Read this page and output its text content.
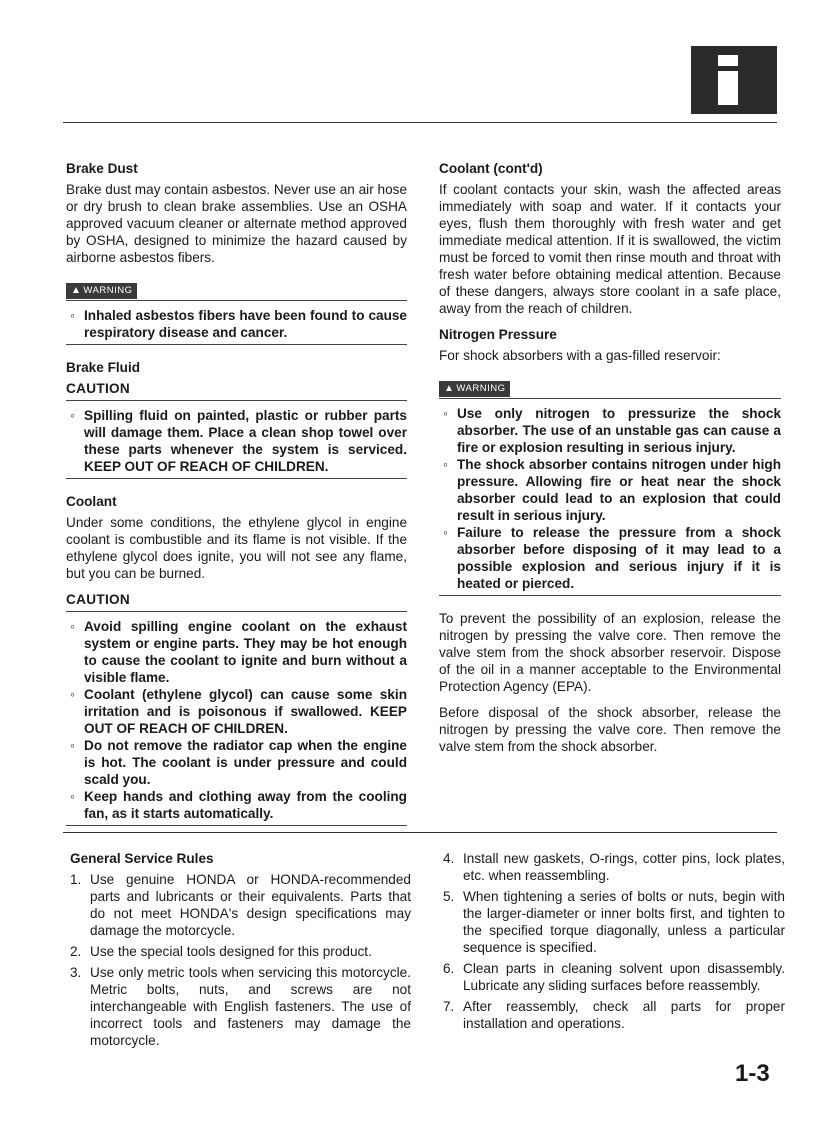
Brake Dust

Brake dust may contain asbestos. Never use an air hose or dry brush to clean brake assemblies. Use an OSHA approved vacuum cleaner or alternate method approved by OSHA, designed to minimize the hazard caused by airborne asbestos fibers.

▲ WARNING
◦ Inhaled asbestos fibers have been found to cause respiratory disease and cancer.
Brake Fluid
CAUTION
◦ Spilling fluid on painted, plastic or rubber parts will damage them. Place a clean shop towel over these parts whenever the system is serviced. KEEP OUT OF REACH OF CHILDREN.
Coolant

Under some conditions, the ethylene glycol in engine coolant is combustible and its flame is not visible. If the ethylene glycol does ignite, you will not see any flame, but you can be burned.

CAUTION
◦ Avoid spilling engine coolant on the exhaust system or engine parts. They may be hot enough to cause the coolant to ignite and burn without a visible flame.
◦ Coolant (ethylene glycol) can cause some skin irritation and is poisonous if swallowed. KEEP OUT OF REACH OF CHILDREN.
◦ Do not remove the radiator cap when the engine is hot. The coolant is under pressure and could scald you.
◦ Keep hands and clothing away from the cooling fan, as it starts automatically.
Coolant (cont'd)

If coolant contacts your skin, wash the affected areas immediately with soap and water. If it contacts your eyes, flush them thoroughly with fresh water and get immediate medical attention. If it is swallowed, the victim must be forced to vomit then rinse mouth and throat with fresh water before obtaining medical attention. Because of these dangers, always store coolant in a safe place, away from the reach of children.

Nitrogen Pressure

For shock absorbers with a gas-filled reservoir:

▲ WARNING
◦ Use only nitrogen to pressurize the shock absorber. The use of an unstable gas can cause a fire or explosion resulting in serious injury.
◦ The shock absorber contains nitrogen under high pressure. Allowing fire or heat near the shock absorber could lead to an explosion that could result in serious injury.
◦ Failure to release the pressure from a shock absorber before disposing of it may lead to a possible explosion and serious injury if it is heated or pierced.

To prevent the possibility of an explosion, release the nitrogen by pressing the valve core. Then remove the valve stem from the shock absorber reservoir. Dispose of the oil in a manner acceptable to the Environmental Protection Agency (EPA).

Before disposal of the shock absorber, release the nitrogen by pressing the valve core. Then remove the valve stem from the shock absorber.

General Service Rules
1. Use genuine HONDA or HONDA-recommended parts and lubricants or their equivalents. Parts that do not meet HONDA's design specifications may damage the motorcycle.
2. Use the special tools designed for this product.
3. Use only metric tools when servicing this motorcycle. Metric bolts, nuts, and screws are not interchangeable with English fasteners. The use of incorrect tools and fasteners may damage the motorcycle.
4. Install new gaskets, O-rings, cotter pins, lock plates, etc. when reassembling.
5. When tightening a series of bolts or nuts, begin with the larger-diameter or inner bolts first, and tighten to the specified torque diagonally, unless a particular sequence is specified.
6. Clean parts in cleaning solvent upon disassembly. Lubricate any sliding surfaces before reassembly.
7. After reassembly, check all parts for proper installation and operations.
1-3
